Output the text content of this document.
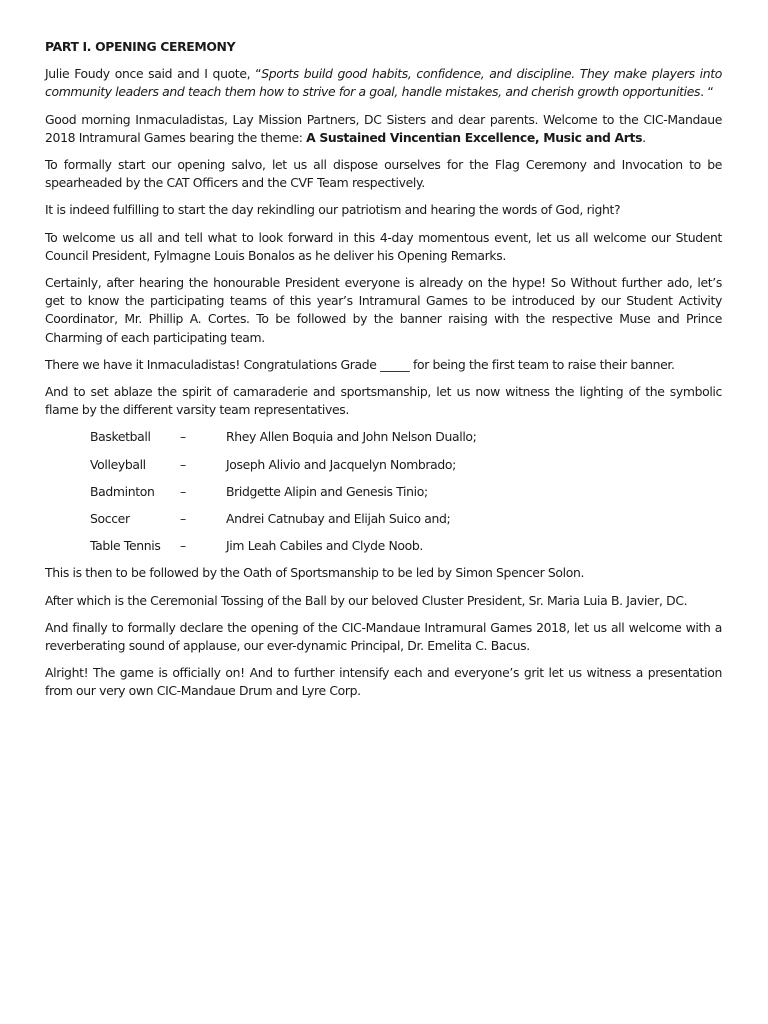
PART I. OPENING CEREMONY

Julie Foudy once said and I quote, “Sports build good habits, confidence, and discipline. They make players into community leaders and teach them how to strive for a goal, handle mistakes, and cherish growth opportunities. “

Good morning Inmaculadistas, Lay Mission Partners, DC Sisters and dear parents. Welcome to the CIC-Mandaue 2018 Intramural Games bearing the theme: A Sustained Vincentian Excellence, Music and Arts.

To formally start our opening salvo, let us all dispose ourselves for the Flag Ceremony and Invocation to be spearheaded by the CAT Officers and the CVF Team respectively.

It is indeed fulfilling to start the day rekindling our patriotism and hearing the words of God, right?

To welcome us all and tell what to look forward in this 4-day momentous event, let us all welcome our Student Council President, Fylmagne Louis Bonalos as he deliver his Opening Remarks.

Certainly, after hearing the honourable President everyone is already on the hype! So Without further ado, let’s get to know the participating teams of this year’s Intramural Games to be introduced by our Student Activity Coordinator, Mr. Phillip A. Cortes. To be followed by the banner raising with the respective Muse and Prince Charming of each participating team.

There we have it Inmaculadistas! Congratulations Grade _____ for being the first team to raise their banner.

And to set ablaze the spirit of camaraderie and sportsmanship, let us now witness the lighting of the symbolic flame by the different varsity team representatives.

Basketball	–	Rhey Allen Boquia and John Nelson Duallo;
Volleyball	–	Joseph Alivio and Jacquelyn Nombrado;
Badminton	–	Bridgette Alipin and Genesis Tinio;
Soccer	–	Andrei Catnubay and Elijah Suico and;
Table Tennis	–	Jim Leah Cabiles and Clyde Noob.

This is then to be followed by the Oath of Sportsmanship to be led by Simon Spencer Solon.

After which is the Ceremonial Tossing of the Ball by our beloved Cluster President, Sr. Maria Luia B. Javier, DC.

And finally to formally declare the opening of the CIC-Mandaue Intramural Games 2018, let us all welcome with a reverberating sound of applause, our ever-dynamic Principal, Dr. Emelita C. Bacus.

Alright! The game is officially on! And to further intensify each and everyone’s grit let us witness a presentation from our very own CIC-Mandaue Drum and Lyre Corp.
